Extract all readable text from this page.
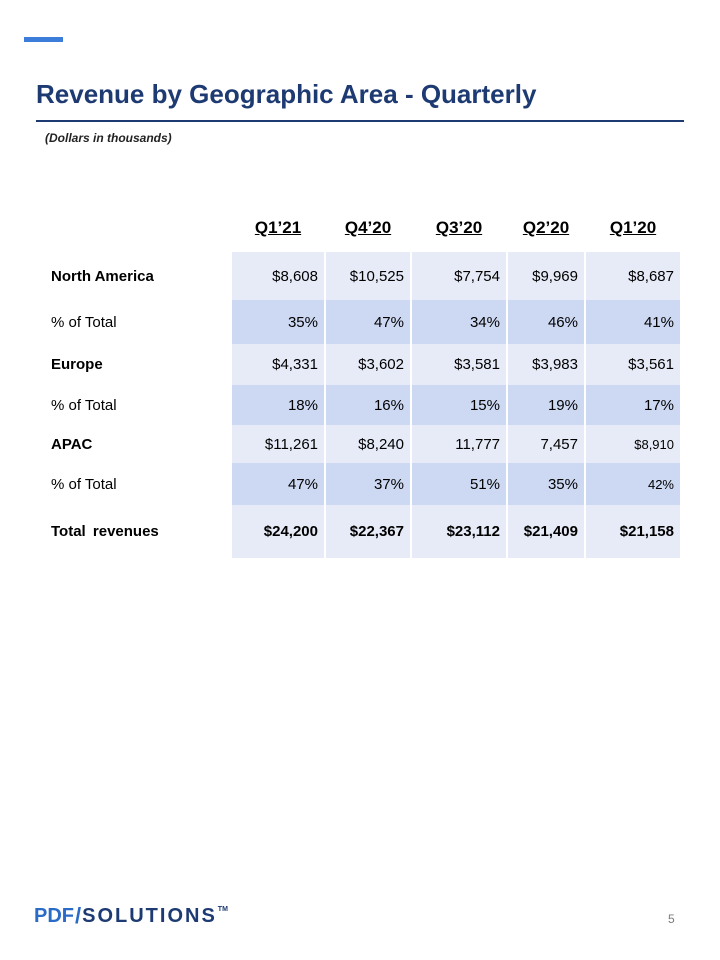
Revenue by Geographic Area - Quarterly
(Dollars in thousands)
	Q1’21	Q4’20	Q3’20	Q2’20	Q1’20
North America	$8,608	$10,525	$7,754	$9,969	$8,687
% of Total	35%	47%	34%	46%	41%
Europe	$4,331	$3,602	$3,581	$3,983	$3,561
% of Total	18%	16%	15%	19%	17%
APAC	$11,261	$8,240	11,777	7,457	$8,910
% of Total	47%	37%	51%	35%	42%
Total revenues	$24,200	$22,367	$23,112	$21,409	$21,158
PDF / SOLUTIONS TM
5
